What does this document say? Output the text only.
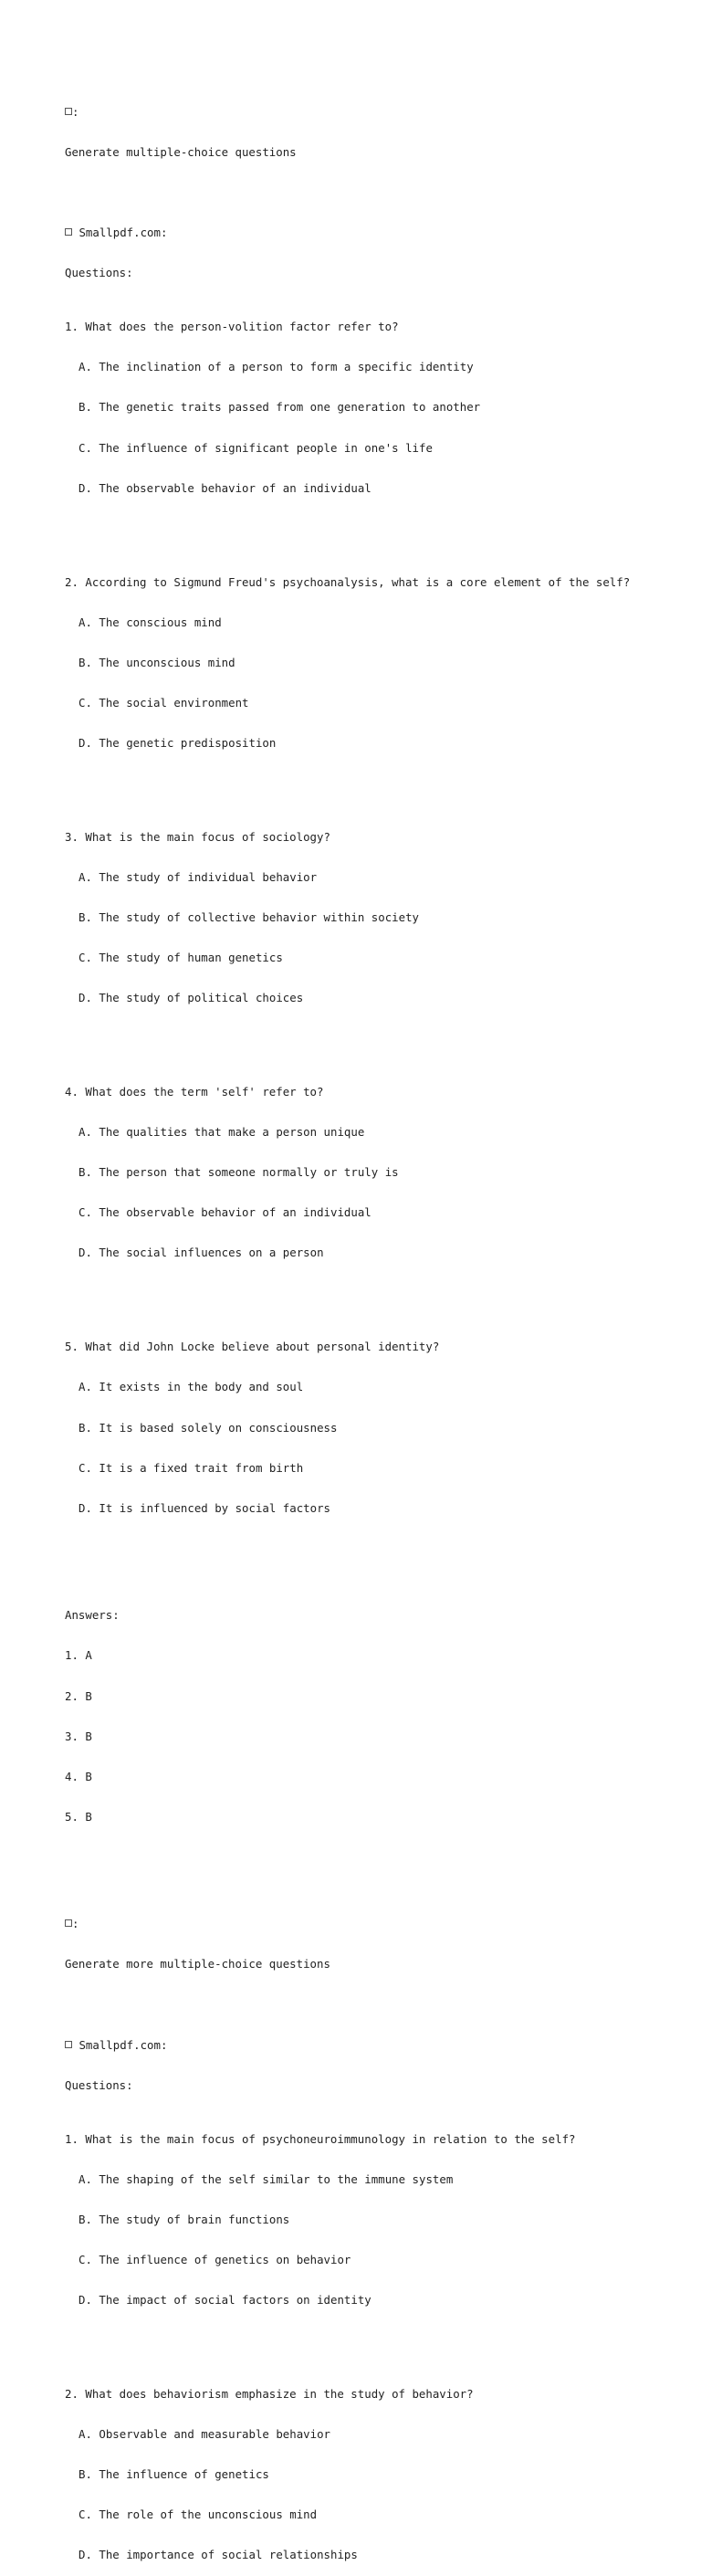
:

Generate multiple-choice questions

Smallpdf.com:

Questions:

1. What does the person-volition factor refer to?

A. The inclination of a person to form a specific identity

B. The genetic traits passed from one generation to another

C. The influence of significant people in one's life

D. The observable behavior of an individual

2. According to Sigmund Freud's psychoanalysis, what is a core element of the self?

A. The conscious mind

B. The unconscious mind

C. The social environment

D. The genetic predisposition

3. What is the main focus of sociology?

A. The study of individual behavior

B. The study of collective behavior within society

C. The study of human genetics

D. The study of political choices

4. What does the term 'self' refer to?

A. The qualities that make a person unique

B. The person that someone normally or truly is

C. The observable behavior of an individual

D. The social influences on a person

5. What did John Locke believe about personal identity?

A. It exists in the body and soul

B. It is based solely on consciousness

C. It is a fixed trait from birth

D. It is influenced by social factors

Answers:

1. A

2. B

3. B

4. B

5. B

:

Generate more multiple-choice questions

Smallpdf.com:

Questions:

1. What is the main focus of psychoneuroimmunology in relation to the self?

A. The shaping of the self similar to the immune system

B. The study of brain functions

C. The influence of genetics on behavior

D. The impact of social factors on identity

2. What does behaviorism emphasize in the study of behavior?

A. Observable and measurable behavior

B. The influence of genetics

C. The role of the unconscious mind

D. The importance of social relationships
